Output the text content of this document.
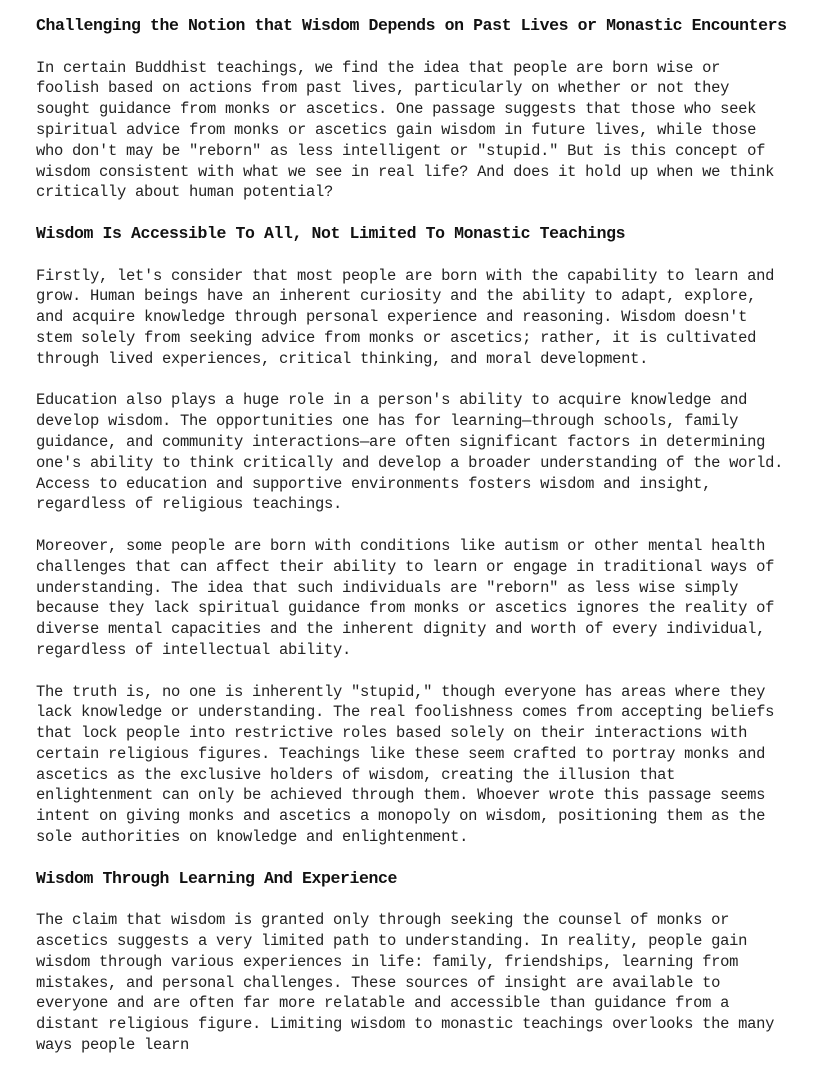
Challenging the Notion that Wisdom Depends on Past Lives or Monastic Encounters

In certain Buddhist teachings, we find the idea that people are born wise or foolish based on actions from past lives, particularly on whether or not they sought guidance from monks or ascetics. One passage suggests that those who seek spiritual advice from monks or ascetics gain wisdom in future lives, while those who don't may be "reborn" as less intelligent or "stupid." But is this concept of wisdom consistent with what we see in real life? And does it hold up when we think critically about human potential?

Wisdom Is Accessible To All, Not Limited To Monastic Teachings

Firstly, let's consider that most people are born with the capability to learn and grow. Human beings have an inherent curiosity and the ability to adapt, explore, and acquire knowledge through personal experience and reasoning. Wisdom doesn't stem solely from seeking advice from monks or ascetics; rather, it is cultivated through lived experiences, critical thinking, and moral development.

Education also plays a huge role in a person's ability to acquire knowledge and develop wisdom. The opportunities one has for learning—through schools, family guidance, and community interactions—are often significant factors in determining one's ability to think critically and develop a broader understanding of the world. Access to education and supportive environments fosters wisdom and insight, regardless of religious teachings.

Moreover, some people are born with conditions like autism or other mental health challenges that can affect their ability to learn or engage in traditional ways of understanding. The idea that such individuals are "reborn" as less wise simply because they lack spiritual guidance from monks or ascetics ignores the reality of diverse mental capacities and the inherent dignity and worth of every individual, regardless of intellectual ability.

The truth is, no one is inherently "stupid," though everyone has areas where they lack knowledge or understanding. The real foolishness comes from accepting beliefs that lock people into restrictive roles based solely on their interactions with certain religious figures. Teachings like these seem crafted to portray monks and ascetics as the exclusive holders of wisdom, creating the illusion that enlightenment can only be achieved through them. Whoever wrote this passage seems intent on giving monks and ascetics a monopoly on wisdom, positioning them as the sole authorities on knowledge and enlightenment.

Wisdom Through Learning And Experience

The claim that wisdom is granted only through seeking the counsel of monks or ascetics suggests a very limited path to understanding. In reality, people gain wisdom through various experiences in life: family, friendships, learning from mistakes, and personal challenges. These sources of insight are available to everyone and are often far more relatable and accessible than guidance from a distant religious figure. Limiting wisdom to monastic teachings overlooks the many ways people learn
